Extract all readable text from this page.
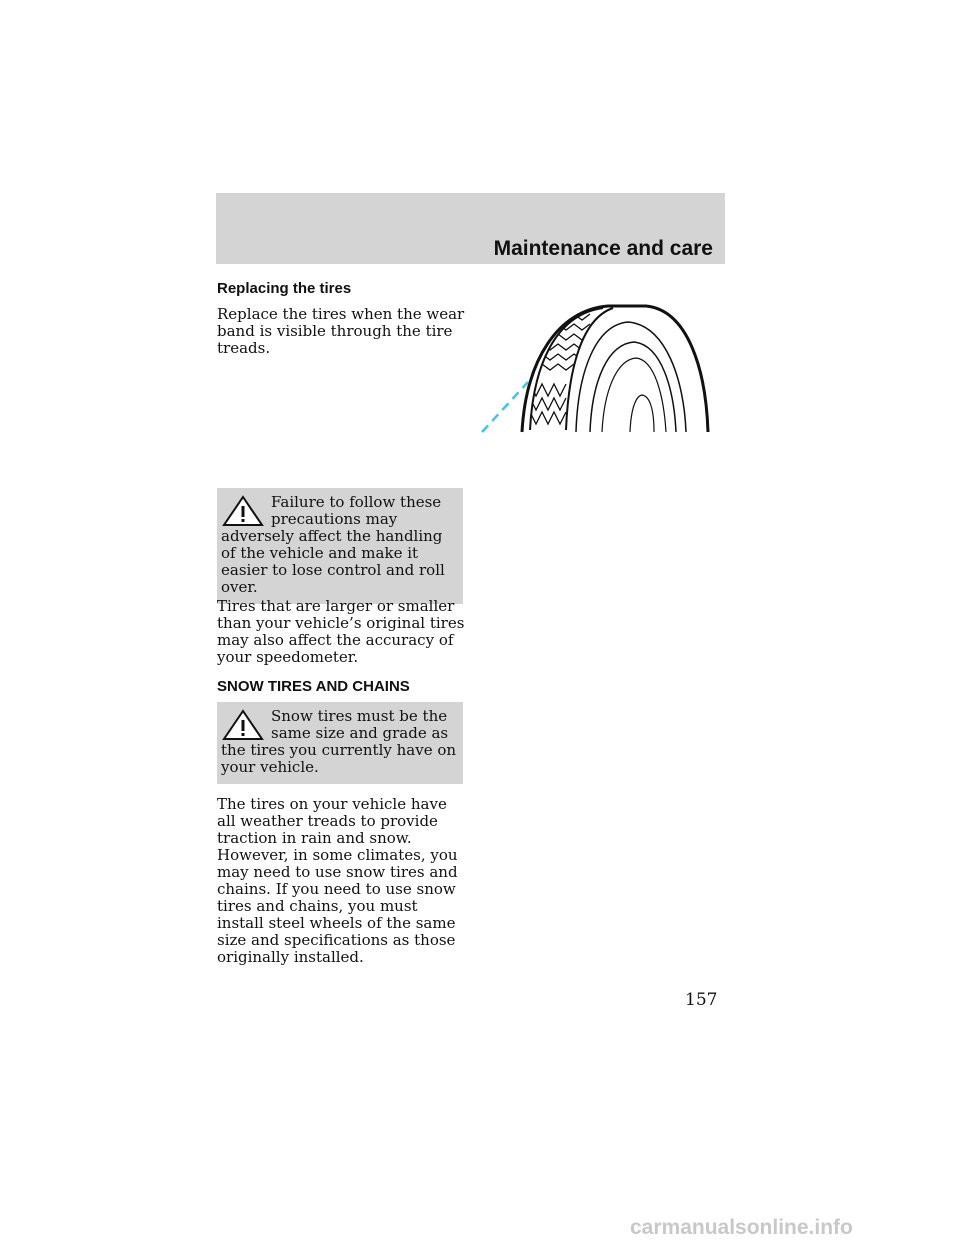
Maintenance and care

Replacing the tires

Replace the tires when the wear band is visible through the tire treads.

Failure to follow these precautions may adversely affect the handling of the vehicle and make it easier to lose control and roll over.

Tires that are larger or smaller than your vehicle’s original tires may also affect the accuracy of your speedometer.

SNOW TIRES AND CHAINS

Snow tires must be the same size and grade as the tires you currently have on your vehicle.

The tires on your vehicle have all weather treads to provide traction in rain and snow. However, in some climates, you may need to use snow tires and chains. If you need to use snow tires and chains, you must install steel wheels of the same size and specifications as those originally installed.

157
carmanualsonline.info
